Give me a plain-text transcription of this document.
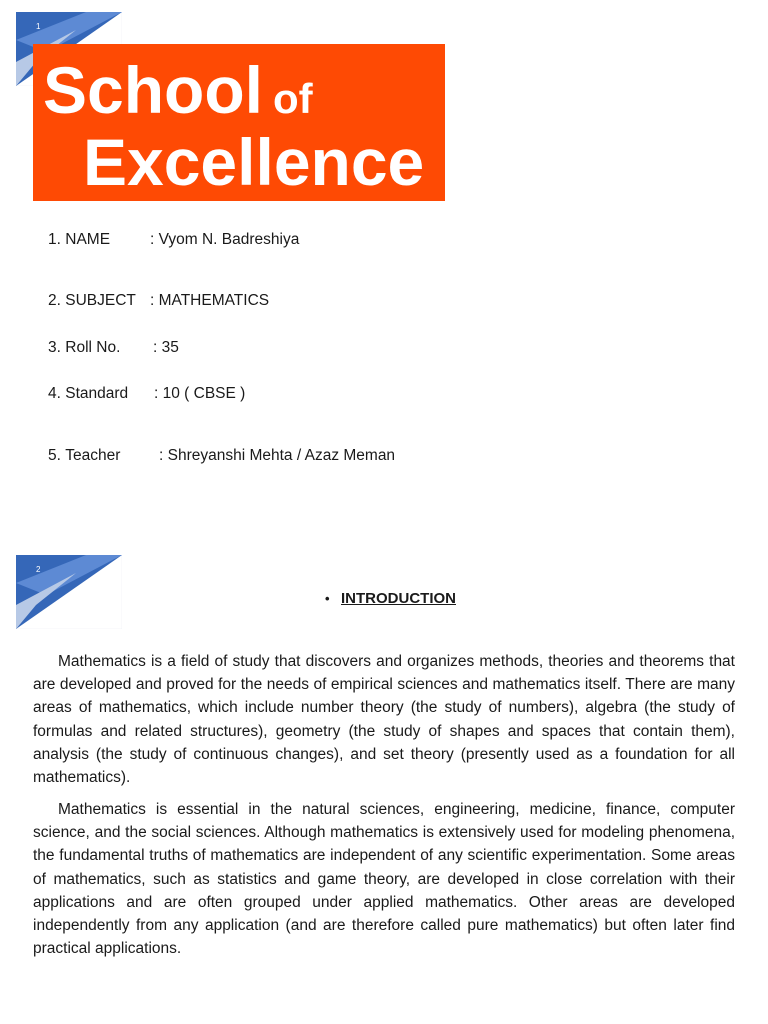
1
School of
Excellence
1. NAME	: Vyom N. Badreshiya
2. SUBJECT : MATHEMATICS
3. Roll No. : 35
4. Standard : 10 ( CBSE )
5. Teacher : Shreyanshi Mehta / Azaz Meman
2
• INTRODUCTION

Mathematics is a field of study that discovers and organizes methods, theories and theorems that are developed and proved for the needs of empirical sciences and mathematics itself. There are many areas of mathematics, which include number theory (the study of numbers), algebra (the study of formulas and related structures), geometry (the study of shapes and spaces that contain them), analysis (the study of continuous changes), and set theory (presently used as a foundation for all mathematics).

Mathematics is essential in the natural sciences, engineering, medicine, finance, computer science, and the social sciences. Although mathematics is extensively used for modeling phenomena, the fundamental truths of mathematics are independent of any scientific experimentation. Some areas of mathematics, such as statistics and game theory, are developed in close correlation with their applications and are often grouped under applied mathematics. Other areas are developed independently from any application (and are therefore called pure mathematics) but often later find practical applications.
